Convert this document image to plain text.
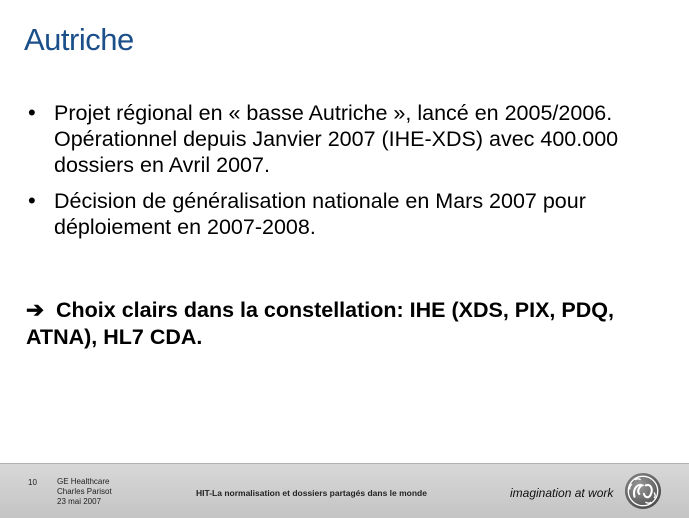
Autriche
• Projet régional en « basse Autriche », lancé en 2005/2006. Opérationnel depuis Janvier 2007 (IHE-XDS) avec 400.000 dossiers en Avril 2007.
• Décision de généralisation nationale en Mars 2007 pour déploiement en 2007-2008.
➔ Choix clairs dans la constellation: IHE (XDS, PIX, PDQ, ATNA), HL7 CDA.
10	GE Healthcare
Charles Parisot
23 mai 2007
HIT-La normalisation et dossiers partagés dans le monde	imagination at work
